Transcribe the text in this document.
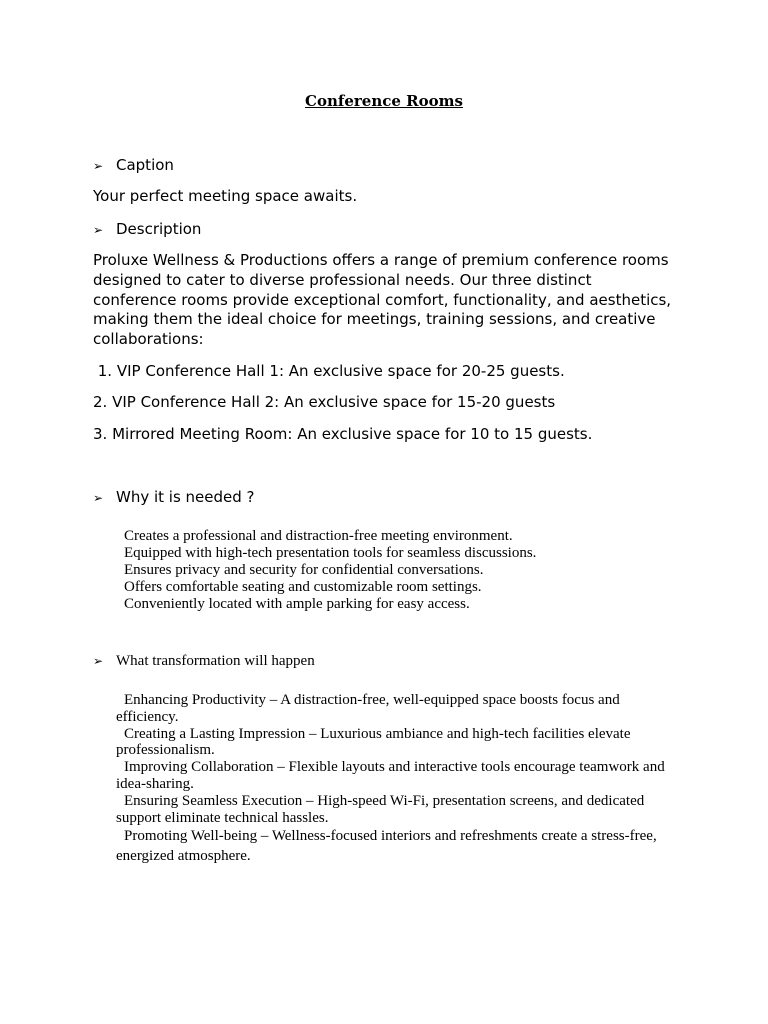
Conference Rooms
➢ Caption
Your perfect meeting space awaits.
➢ Description
Proluxe Wellness & Productions offers a range of premium conference rooms designed to cater to diverse professional needs. Our three distinct conference rooms provide exceptional comfort, functionality, and aesthetics, making them the ideal choice for meetings, training sessions, and creative collaborations:
1. VIP Conference Hall 1: An exclusive space for 20-25 guests.
2. VIP Conference Hall 2: An exclusive space for 15-20 guests
3. Mirrored Meeting Room: An exclusive space for 10 to 15 guests.
➢ Why it is needed ?
Creates a professional and distraction-free meeting environment.
Equipped with high-tech presentation tools for seamless discussions.
Ensures privacy and security for confidential conversations.
Offers comfortable seating and customizable room settings.
Conveniently located with ample parking for easy access.
➢ What transformation will happen
Enhancing Productivity – A distraction-free, well-equipped space boosts focus and efficiency.
Creating a Lasting Impression – Luxurious ambiance and high-tech facilities elevate professionalism.
Improving Collaboration – Flexible layouts and interactive tools encourage teamwork and idea-sharing.
Ensuring Seamless Execution – High-speed Wi-Fi, presentation screens, and dedicated support eliminate technical hassles.
Promoting Well-being – Wellness-focused interiors and refreshments create a stress-free, energized atmosphere.
